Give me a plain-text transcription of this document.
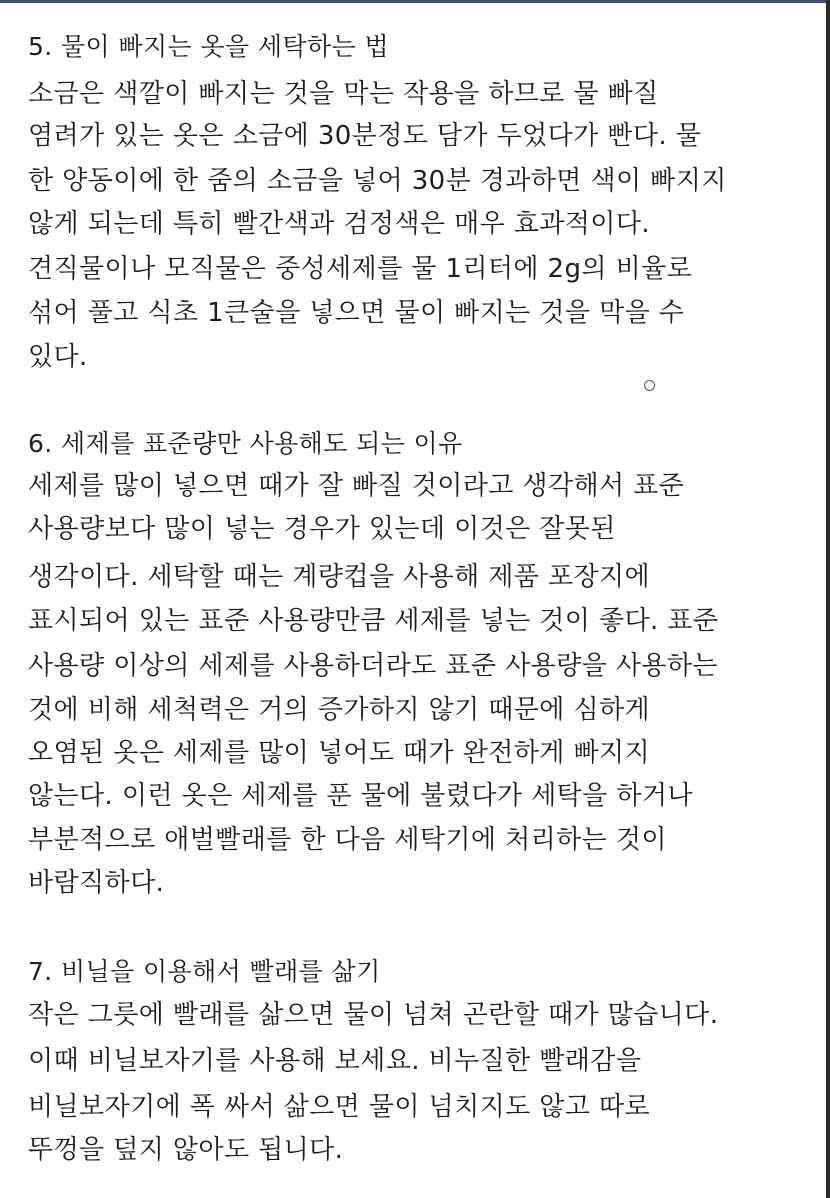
5. 물이 빠지는 옷을 세탁하는 법
소금은 색깔이 빠지는 것을 막는 작용을 하므로 물 빠질
염려가 있는 옷은 소금에 30분정도 담가 두었다가 빤다. 물
한 양동이에 한 줌의 소금을 넣어 30분 경과하면 색이 빠지지
않게 되는데 특히 빨간색과 검정색은 매우 효과적이다.
견직물이나 모직물은 중성세제를 물 1리터에 2g의 비율로
섞어 풀고 식초 1큰술을 넣으면 물이 빠지는 것을 막을 수
있다.
6. 세제를 표준량만 사용해도 되는 이유
세제를 많이 넣으면 때가 잘 빠질 것이라고 생각해서 표준
사용량보다 많이 넣는 경우가 있는데 이것은 잘못된
생각이다. 세탁할 때는 계량컵을 사용해 제품 포장지에
표시되어 있는 표준 사용량만큼 세제를 넣는 것이 좋다. 표준
사용량 이상의 세제를 사용하더라도 표준 사용량을 사용하는
것에 비해 세척력은 거의 증가하지 않기 때문에 심하게
오염된 옷은 세제를 많이 넣어도 때가 완전하게 빠지지
않는다. 이런 옷은 세제를 푼 물에 불렸다가 세탁을 하거나
부분적으로 애벌빨래를 한 다음 세탁기에 처리하는 것이
바람직하다.
7. 비닐을 이용해서 빨래를 삶기
작은 그릇에 빨래를 삶으면 물이 넘쳐 곤란할 때가 많습니다.
이때 비닐보자기를 사용해 보세요. 비누질한 빨래감을
비닐보자기에 폭 싸서 삶으면 물이 넘치지도 않고 따로
뚜껑을 덮지 않아도 됩니다.
